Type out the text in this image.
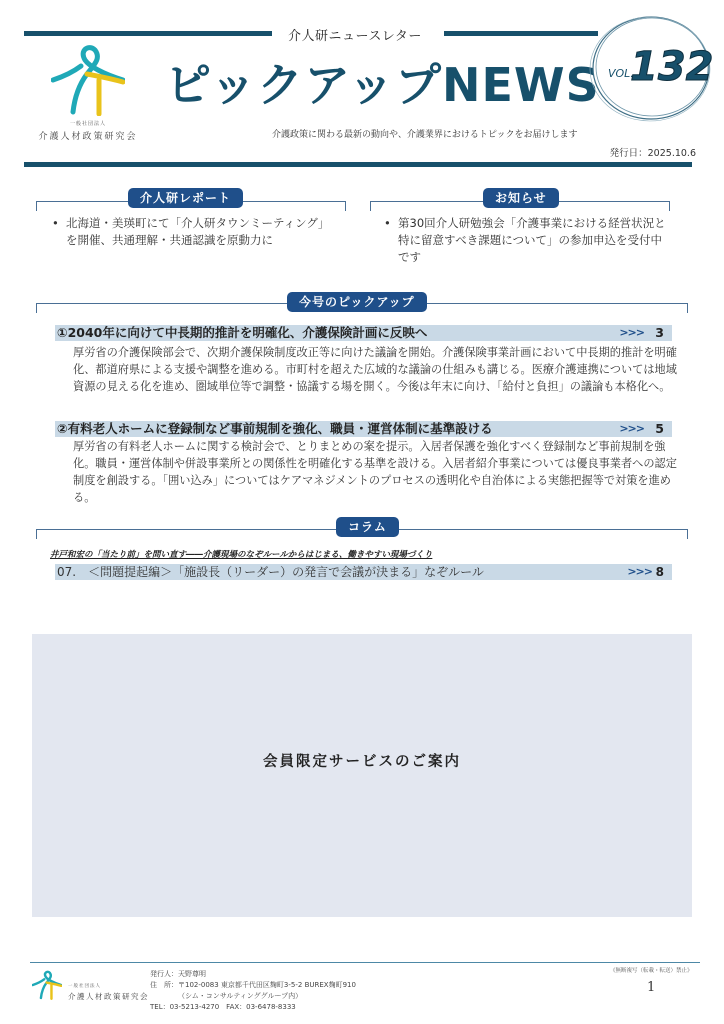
介人研ニュースレター
一般社団法人
介護人材政策研究会
ピックアップNEWS
介護政策に関わる最新の動向や、介護業界におけるトピックをお届けします
発行日：2025.10.6
VOL.
132
介人研レポート
• 北海道・美瑛町にて「介人研タウンミーティング」を開催、共通理解・共通認識を原動力に
お知らせ
• 第30回介人研勉強会「介護事業における経営状況と特に留意すべき課題について」の参加申込を受付中です
今号のピックアップ
①2040年に向けて中長期的推計を明確化、介護保険計画に反映へ	>>> 3
厚労省の介護保険部会で、次期介護保険制度改正等に向けた議論を開始。介護保険事業計画において中長期的推計を明確化、都道府県による支援や調整を進める。市町村を超えた広域的な議論の仕組みも講じる。医療介護連携については地域資源の見える化を進め、圏域単位等で調整・協議する場を開く。今後は年末に向け、「給付と負担」の議論も本格化へ。
②有料老人ホームに登録制など事前規制を強化、職員・運営体制に基準設ける	>>> 5
厚労省の有料老人ホームに関する検討会で、とりまとめの案を提示。入居者保護を強化すべく登録制など事前規制を強化。職員・運営体制や併設事業所との関係性を明確化する基準を設ける。入居者紹介事業については優良事業者への認定制度を創設する。「囲い込み」についてはケアマネジメントのプロセスの透明化や自治体による実態把握等で対策を進める。
コラム
井戸和宏の「当たり前」を問い直す――介護現場のなぞルールからはじまる、働きやすい現場づくり
07.　＜問題提起編＞「施設長（リーダー）の発言で会議が決まる」なぞルール	>>> 8
会員限定サービスのご案内
一般社団法人
介護人材政策研究会
発行人：天野尊明
住　所：〒102-0083 東京都千代田区麹町3-5-2 BUREX麹町910
（シム・コンサルティンググループ内）
TEL：03-5213-4270　FAX：03-6478-8333
《無断複写（転載・転送）禁止》
1
